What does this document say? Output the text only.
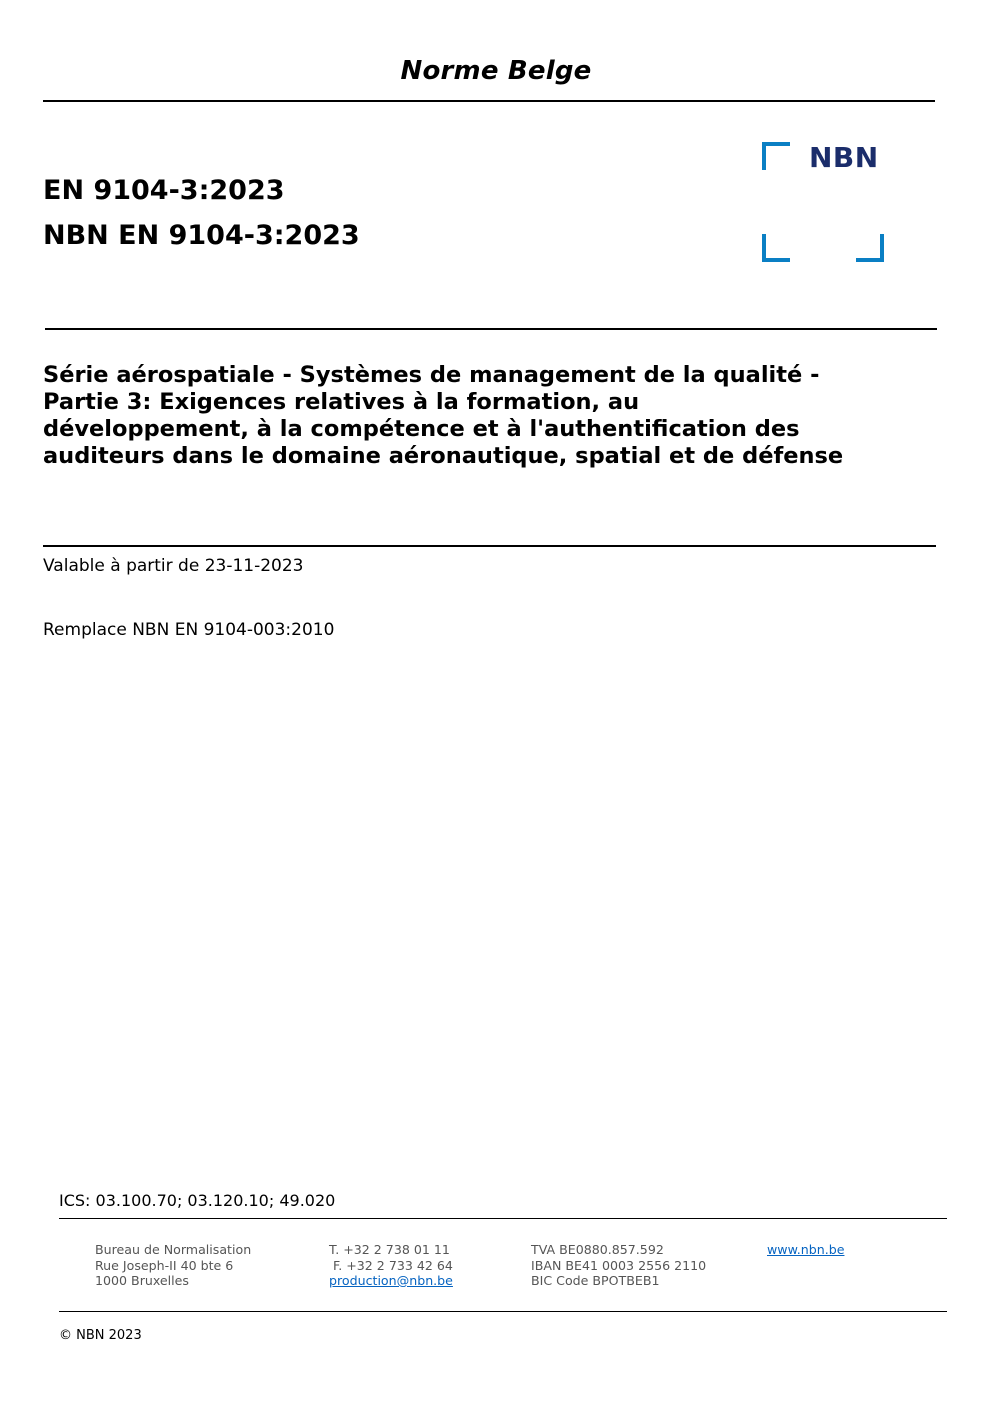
Norme Belge
EN 9104-3:2023
NBN EN 9104-3:2023
NBN
Série aérospatiale - Systèmes de management de la qualité -
Partie 3: Exigences relatives à la formation, au
développement, à la compétence et à l'authentification des
auditeurs dans le domaine aéronautique, spatial et de défense
Valable à partir de 23-11-2023
Remplace NBN EN 9104-003:2010
ICS: 03.100.70; 03.120.10; 49.020
Bureau de Normalisation
Rue Joseph-II 40 bte 6
1000 Bruxelles
T. +32 2 738 01 11
F. +32 2 733 42 64
production@nbn.be
TVA BE0880.857.592
IBAN BE41 0003 2556 2110
BIC Code BPOTBEB1
www.nbn.be
© NBN 2023
